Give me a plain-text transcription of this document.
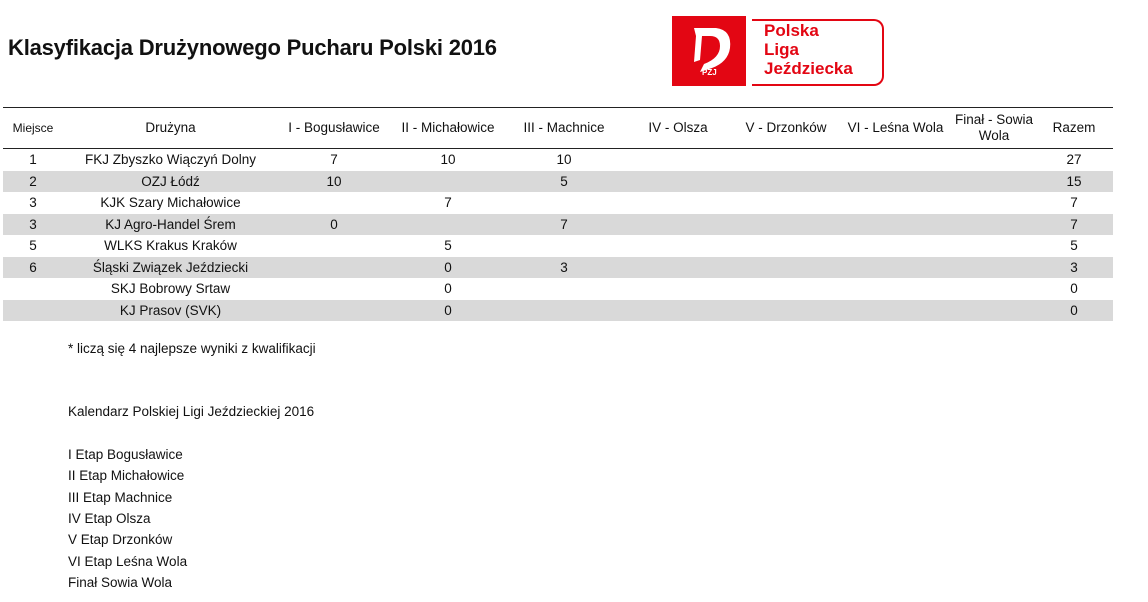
Klasyfikacja Drużynowego Pucharu Polski 2016
PZJ
Polska
Liga
Jeździecka
Miejsce	Drużyna	I - Bogusławice	II - Michałowice	III - Machnice	IV - Olsza	V - Drzonków	VI - Leśna Wola	Finał - Sowia Wola	Razem
1	FKJ Zbyszko Wiączyń Dolny	7	10	10					27
2	OZJ Łódź	10		5					15
3	KJK Szary Michałowice		7						7
3	KJ Agro-Handel Śrem	0		7					7
5	WLKS Krakus Kraków		5						5
6	Śląski Związek Jeździecki		0	3					3
	SKJ Bobrowy Srtaw		0						0
	KJ Prasov (SVK)		0						0
* liczą się 4 najlepsze wyniki z kwalifikacji
Kalendarz Polskiej Ligi Jeździeckiej 2016
I Etap Bogusławice
II Etap Michałowice
III Etap Machnice
IV Etap Olsza
V Etap Drzonków
VI Etap Leśna Wola
Finał Sowia Wola
